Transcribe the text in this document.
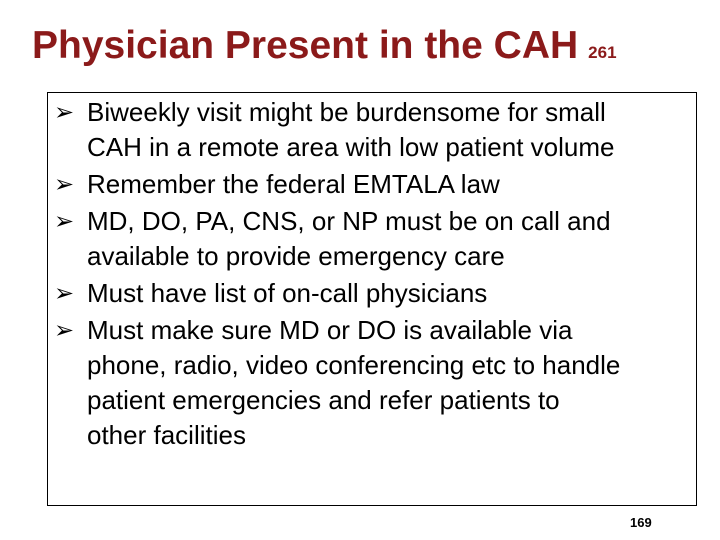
Physician Present in the CAH 261
➢ Biweekly visit might be burdensome for small
CAH in a remote area with low patient volume
➢ Remember the federal EMTALA law
➢ MD, DO, PA, CNS, or NP must be on call and
available to provide emergency care
➢ Must have list of on-call physicians
➢ Must make sure MD or DO is available via
phone, radio, video conferencing etc to handle
patient emergencies and refer patients to
other facilities
169
